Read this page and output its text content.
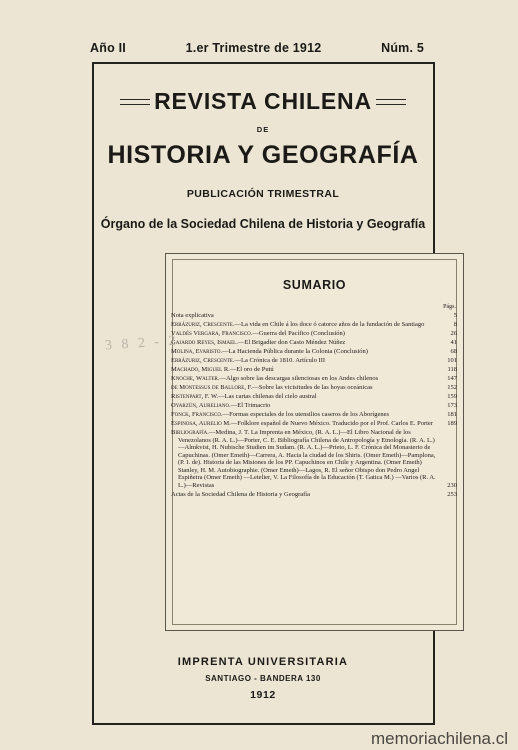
Año II	1.er Trimestre de 1912	Núm. 5
REVISTA CHILENA
DE
HISTORIA Y GEOGRAFÍA
PUBLICACIÓN TRIMESTRAL
Órgano de la Sociedad Chilena de Historia y Geografía
SUMARIO
Págs.
Nota explicativa	5
Errázuriz, Crescente.—La vida en Chile á los doce ó catorce años de la fundación de Santiago	8
Valdés Vergara, Francisco.—Guerra del Pacífico (Conclusión)	26
Gajardo Reyes, Ismael.—El Brigadier don Casto Méndez Núñez	41
Molina, Evaristo.—La Hacienda Pública durante la Colonia (Conclusión)	68
Errázuriz, Crescente.—La Crónica de 1810. Artículo III	101
Machado, Miguel R.—El oro de Putú	118
Knoche, Walter.—Algo sobre las descargas silenciosas en los Andes chilenos	147
de Montessus de Ballore, F.—Sobre las vicisitudes de las hoyas oceánicas	152
Ristenpart, F. W.—Las cartas chilenas del cielo austral	159
Oyarzún, Aureliano.—El Trimacrio	173
Fonck, Francisco.—Formas especiales de los utensilios caseros de los Aborígenes	181
Espinosa, Aurelio M.—Folklore español de Nuevo México. Traducido por el Prof. Carlos E. Porter	189
Bibliografía.—Medina, J. T. La Imprenta en México, (R. A. L.)—El Libro Nacional de los Venezolanos (R. A. L.)—Porter, C. E. Bibliografía Chilena de Antropología y Etnología. (R. A. L.)—Almkvist, H. Nubische Studien im Sudam. (R. A. L.)—Prieto, L. F. Crónica del Monasterio de Capuchinas. (Omer Emeth)—Carrera, A. Hacia la ciudad de los Shiris. (Omer Emeth)—Pamplona, (P. I. de). Historia de las Misiones de los PP. Capuchinos en Chile y Argentina. (Omer Emeth) Stanley, H. M. Autobiographie. (Omer Emeth)—Lagos, R. El señor Obispo don Pedro Angel Espiñeira (Omer Emeth) —Letelier, V. La Filosofía de la Educación (T. Gatica M.) —Varios (R. A. L.)—Revistas	230
Actas de la Sociedad Chilena de Historia y Geografía	253
3 8 2 - 2
IMPRENTA UNIVERSITARIA
SANTIAGO - BANDERA 130
1912
memoriachilena.cl
